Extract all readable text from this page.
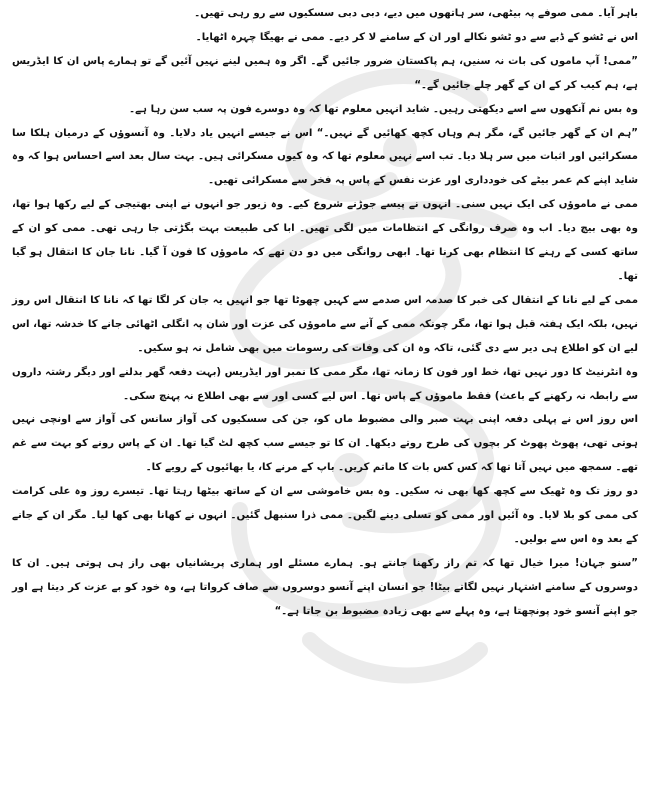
باہر آیا۔ ممی صوفے پہ بیٹھی، سر ہاتھوں میں دیے، دبی دبی سسکیوں سے رو رہی تھیں۔

اس نے ٹشو کے ڈبے سے دو ٹشو نکالے اور ان کے سامنے لا کر دیے۔ ممی نے بھیگا چہرہ اٹھایا۔

”ممی! آپ ماموں کی بات نہ سنیں، ہم پاکستان ضرور جائیں گے۔ اگر وہ ہمیں لینے نہیں آئیں گے تو ہمارے پاس ان کا ایڈریس ہے، ہم کیب کر کے ان کے گھر چلے جائیں گے۔“

وہ بس نم آنکھوں سے اسے دیکھتی رہیں۔ شاید انہیں معلوم تھا کہ وہ دوسرے فون پہ سب سن رہا ہے۔

”ہم ان کے گھر جائیں گے، مگر ہم وہاں کچھ کھائیں گے نہیں۔“ اس نے جیسے انہیں یاد دلایا۔ وہ آنسوؤں کے درمیان ہلکا سا مسکرائیں اور اثبات میں سر ہلا دیا۔ تب اسے نہیں معلوم تھا کہ وہ کیوں مسکرائی ہیں۔ بہت سال بعد اسے احساس ہوا کہ وہ شاید اپنے کم عمر بیٹے کی خودداری اور عزت نفس کے پاس پہ فخر سے مسکرائی تھیں۔

ممی نے ماموؤں کی ایک نہیں سنی۔ انہوں نے پیسے جوڑنے شروع کیے۔ وہ زیور جو انہوں نے اپنی بھتیجی کے لیے رکھا ہوا تھا، وہ بھی بیچ دیا۔ اب وہ صرف روانگی کے انتظامات میں لگی تھیں۔ ابا کی طبیعت بہت بگڑتی جا رہی تھی۔ ممی کو ان کے ساتھ کسی کے رہنے کا انتظام بھی کرنا تھا۔ ابھی روانگی میں دو دن تھے کہ ماموؤں کا فون آ گیا۔ نانا جان کا انتقال ہو گیا تھا۔

ممی کے لیے نانا کے انتقال کی خبر کا صدمہ اس صدمے سے کہیں چھوٹا تھا جو انہیں یہ جان کر لگا تھا کہ نانا کا انتقال اس روز نہیں، بلکہ ایک ہفتہ قبل ہوا تھا، مگر چونکہ ممی کے آنے سے ماموؤں کی عزت اور شان پہ انگلی اٹھائی جانے کا خدشہ تھا، اس لیے ان کو اطلاع ہی دیر سے دی گئی، تاکہ وہ ان کی وفات کی رسومات میں بھی شامل نہ ہو سکیں۔

وہ انٹرنیٹ کا دور نہیں تھا، خط اور فون کا زمانہ تھا، مگر ممی کا نمبر اور ایڈریس (بہت دفعہ گھر بدلنے اور دیگر رشتہ داروں سے رابطہ نہ رکھنے کے باعث) فقط ماموؤں کے پاس تھا۔ اس لیے کسی اور سے بھی اطلاع نہ پہنچ سکی۔

اس روز اس نے پہلی دفعہ اپنی بہت صبر والی مضبوط ماں کو، جن کی سسکیوں کی آواز سانس کی آواز سے اونچی نہیں ہوتی تھی، پھوٹ پھوٹ کر بچوں کی طرح روتے دیکھا۔ ان کا تو جیسے سب کچھ لٹ گیا تھا۔ ان کے پاس رونے کو بہت سے غم تھے۔ سمجھ میں نہیں آتا تھا کہ کس کس بات کا ماتم کریں۔ باپ کے مرنے کا، یا بھائیوں کے رویے کا۔

دو روز تک وہ ٹھیک سے کچھ کھا بھی نہ سکیں۔ وہ بس خاموشی سے ان کے ساتھ بیٹھا رہتا تھا۔ تیسرے روز وہ علی کرامت کی ممی کو بلا لایا۔ وہ آئیں اور ممی کو تسلی دینے لگیں۔ ممی ذرا سنبھل گئیں۔ انہوں نے کھانا بھی کھا لیا۔ مگر ان کے جانے کے بعد وہ اس سے بولیں۔

”سنو جہان! میرا خیال تھا کہ تم راز رکھنا جانتے ہو۔ ہمارے مسئلے اور ہماری پریشانیاں بھی راز ہی ہوتی ہیں۔ ان کا دوسروں کے سامنے اشتہار نہیں لگاتے بیٹا! جو انسان اپنے آنسو دوسروں سے صاف کرواتا ہے، وہ خود کو بے عزت کر دیتا ہے اور جو اپنے آنسو خود پونچھتا ہے، وہ پہلے سے بھی زیادہ مضبوط بن جاتا ہے۔“
